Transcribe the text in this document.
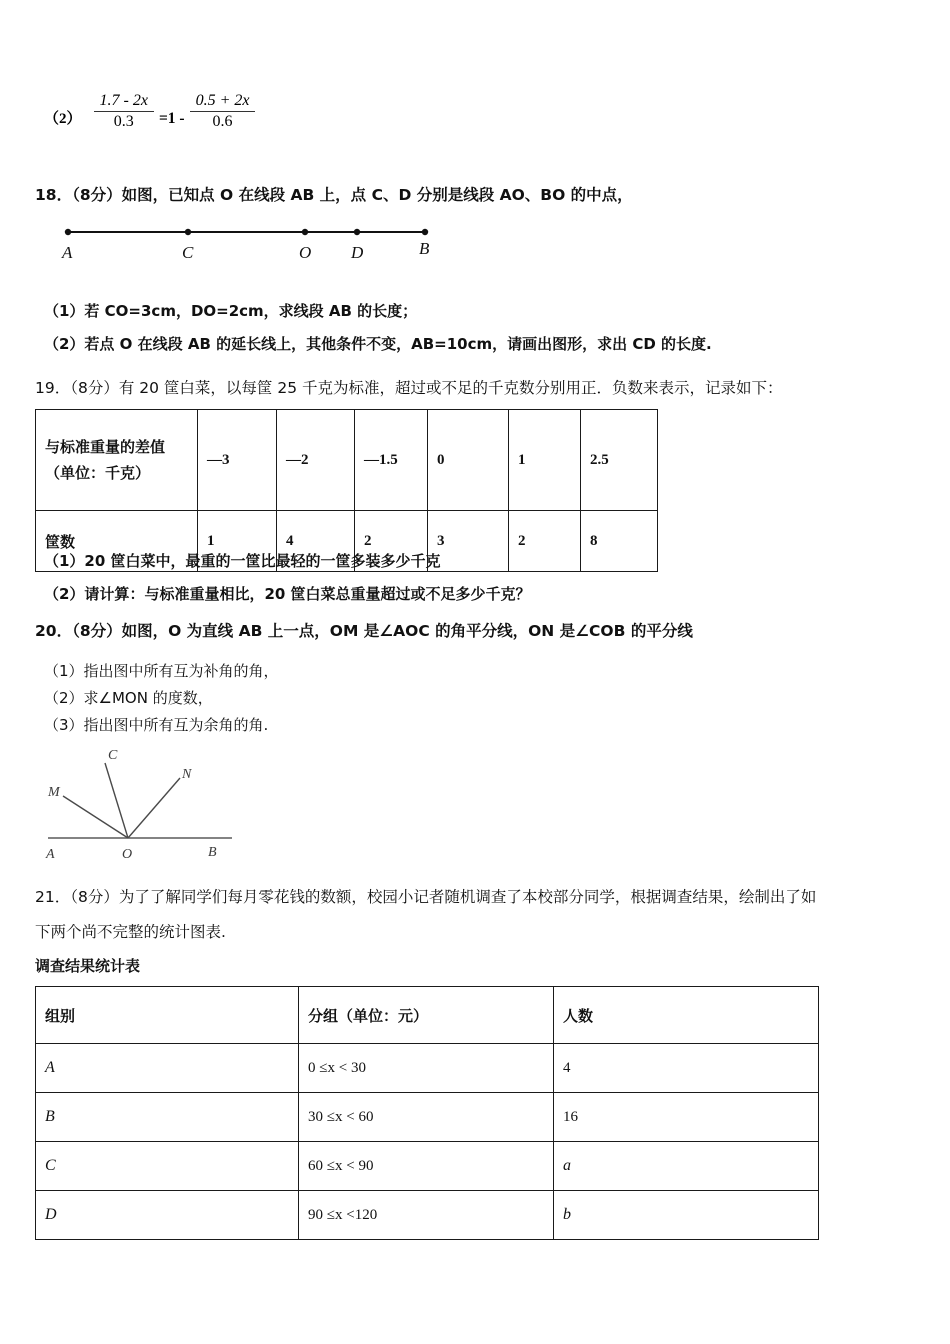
$(2) \frac{1.7 - 2x}{0.3} =1 - \frac{0.5 + 2x}{0.6}$
18．（8分）如图，已知点 O 在线段 AB 上，点 C、D 分别是线段 AO、BO 的中点，
A	C	O D	B
（1）若 CO=3cm，DO=2cm，求线段 AB 的长度；
（2）若点 O 在线段 AB 的延长线上，其他条件不变，AB=10cm，请画出图形，求出 CD 的长度.
19．（8分）有 20 筐白菜，以每筐 25 千克为标准，超过或不足的千克数分别用正．负数来表示，记录如下：
与标准重量的差值
（单位：千克）	—3	—2	—1.5	0	1	2.5
筐数	1	4	2	3	2	8
（1）20 筐白菜中，最重的一筐比最轻的一筐多装多少千克
（2）请计算：与标准重量相比，20 筐白菜总重量超过或不足多少千克？
20．（8分）如图，O 为直线 AB 上一点，OM 是∠AOC 的角平分线，ON 是∠COB 的平分线
（1）指出图中所有互为补角的角，
（2）求∠MON 的度数，
（3）指出图中所有互为余角的角.
C
N
M
A	O	B
21．（8分）为了了解同学们每月零花钱的数额，校园小记者随机调查了本校部分同学，根据调查结果，绘制出了如
下两个尚不完整的统计图表.
调查结果统计表
组别	分组（单位：元）	人数
A	0 ≤x < 30	4
B	30 ≤x < 60	16
C	60 ≤x < 90	a
D	90 ≤x <120	b
